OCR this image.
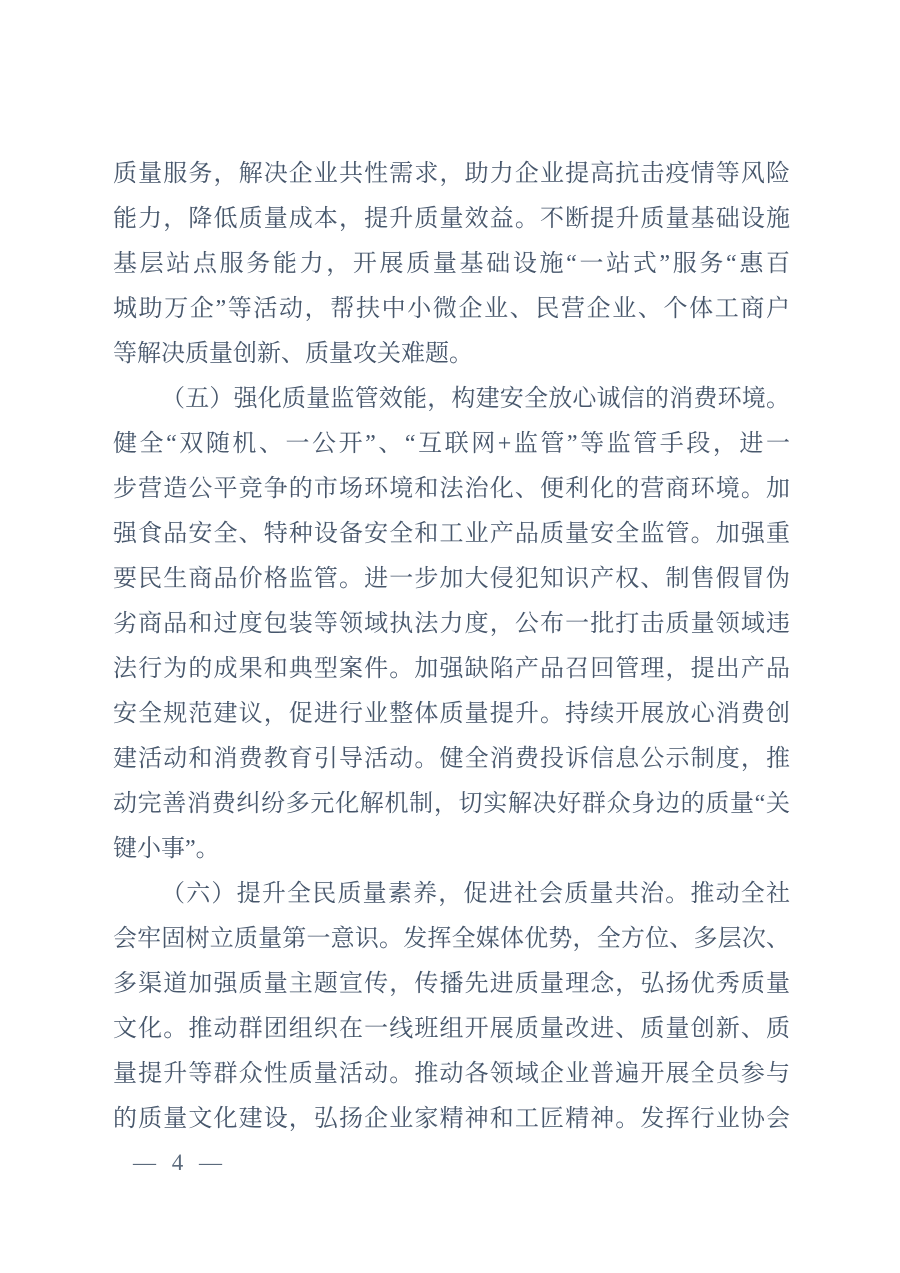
质量服务，解决企业共性需求，助力企业提高抗击疫情等风险
能力，降低质量成本，提升质量效益。不断提升质量基础设施
基层站点服务能力，开展质量基础设施“一站式”服务“惠百
城助万企”等活动，帮扶中小微企业、民营企业、个体工商户
等解决质量创新、质量攻关难题。
（五）强化质量监管效能，构建安全放心诚信的消费环境。
健全“双随机、一公开”、“互联网+监管”等监管手段，进一
步营造公平竞争的市场环境和法治化、便利化的营商环境。加
强食品安全、特种设备安全和工业产品质量安全监管。加强重
要民生商品价格监管。进一步加大侵犯知识产权、制售假冒伪
劣商品和过度包装等领域执法力度，公布一批打击质量领域违
法行为的成果和典型案件。加强缺陷产品召回管理，提出产品
安全规范建议，促进行业整体质量提升。持续开展放心消费创
建活动和消费教育引导活动。健全消费投诉信息公示制度，推
动完善消费纠纷多元化解机制，切实解决好群众身边的质量“关
键小事”。
（六）提升全民质量素养，促进社会质量共治。推动全社
会牢固树立质量第一意识。发挥全媒体优势，全方位、多层次、
多渠道加强质量主题宣传，传播先进质量理念，弘扬优秀质量
文化。推动群团组织在一线班组开展质量改进、质量创新、质
量提升等群众性质量活动。推动各领域企业普遍开展全员参与
的质量文化建设，弘扬企业家精神和工匠精神。发挥行业协会
— 4 —
